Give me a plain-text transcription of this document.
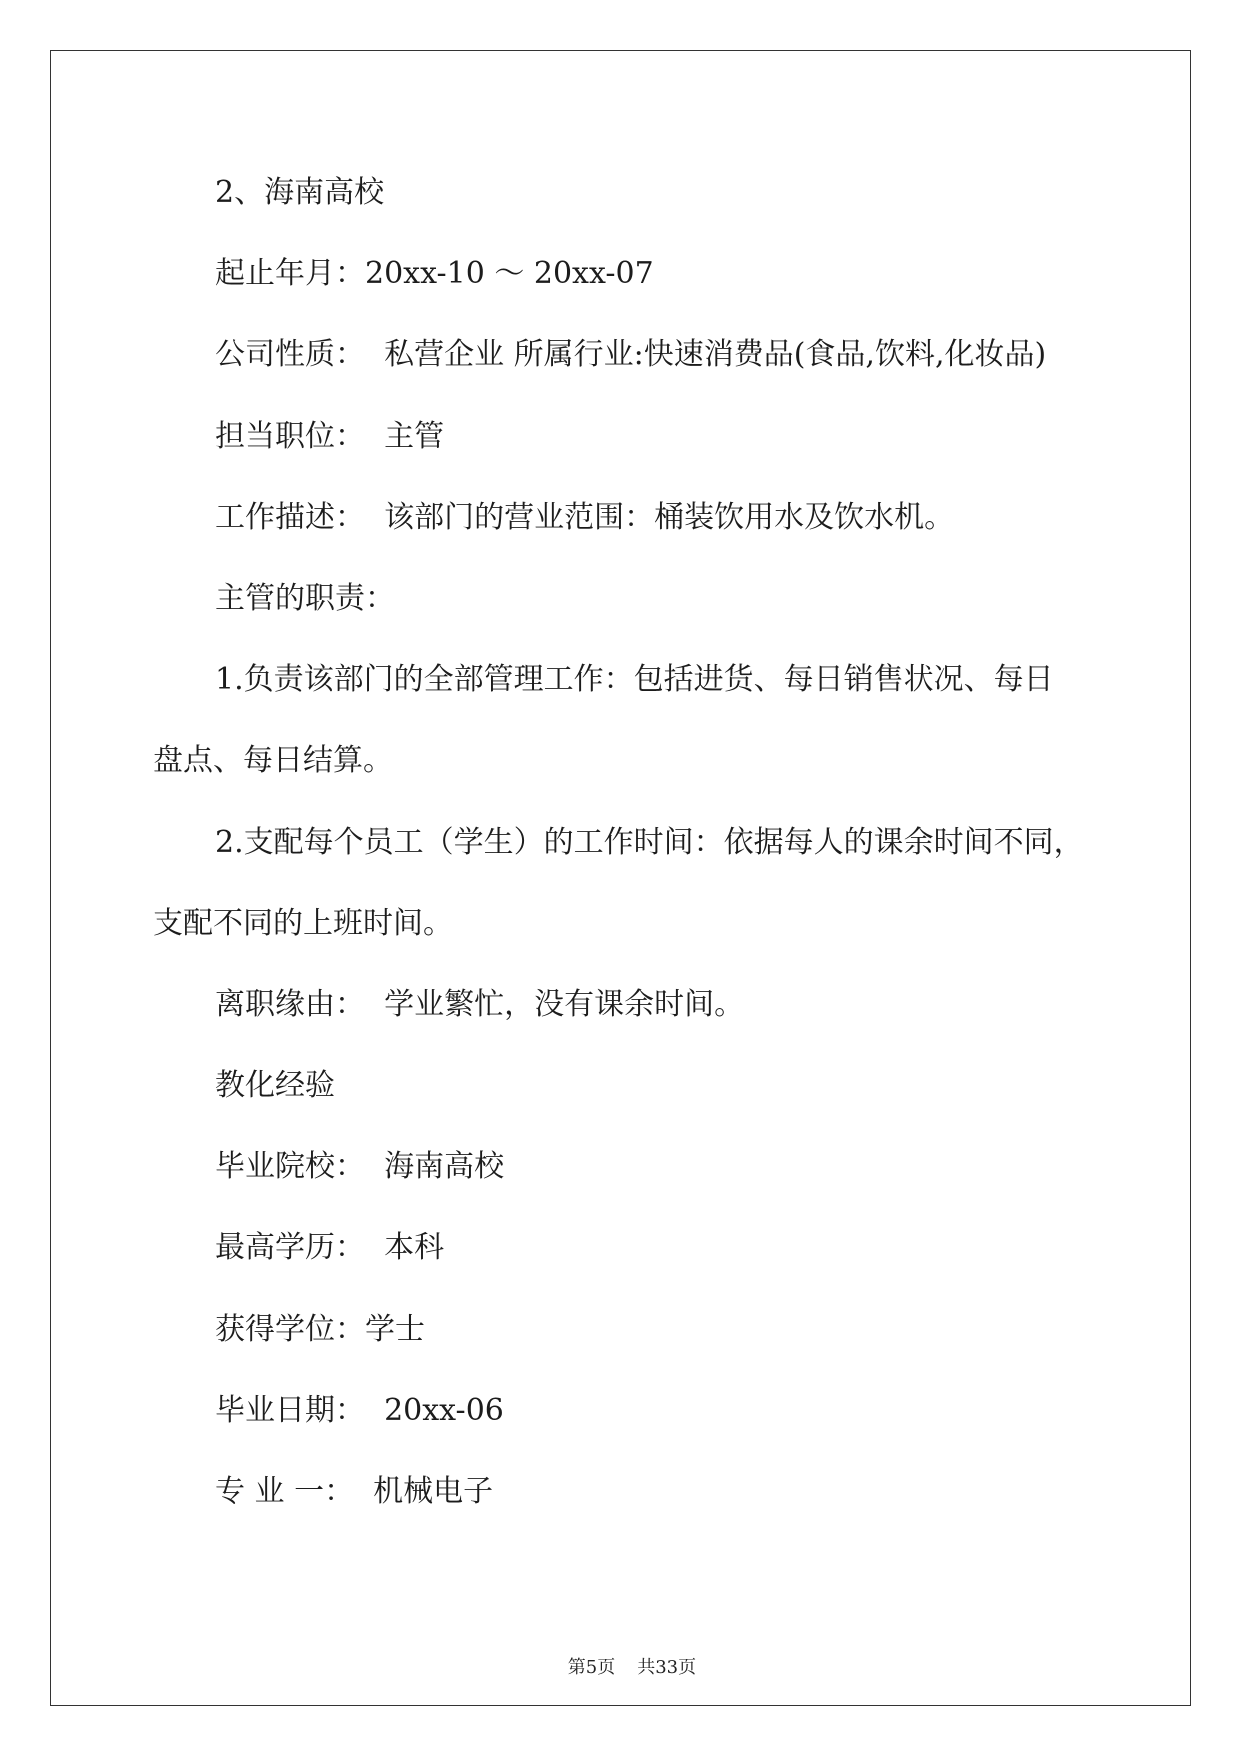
2、海南高校
起止年月：20xx-10 ～ 20xx-07
公司性质：  私营企业 所属行业:快速消费品(食品,饮料,化妆品)
担当职位：  主管
工作描述：  该部门的营业范围：桶装饮用水及饮水机。
主管的职责：
1.负责该部门的全部管理工作：包括进货、每日销售状况、每日
盘点、每日结算。
2.支配每个员工（学生）的工作时间：依据每人的课余时间不同，
支配不同的上班时间。
离职缘由：  学业繁忙，没有课余时间。
教化经验
毕业院校：  海南高校
最高学历：  本科
获得学位：学士
毕业日期：  20xx-06
专 业 一：  机械电子

第5页 共33页
